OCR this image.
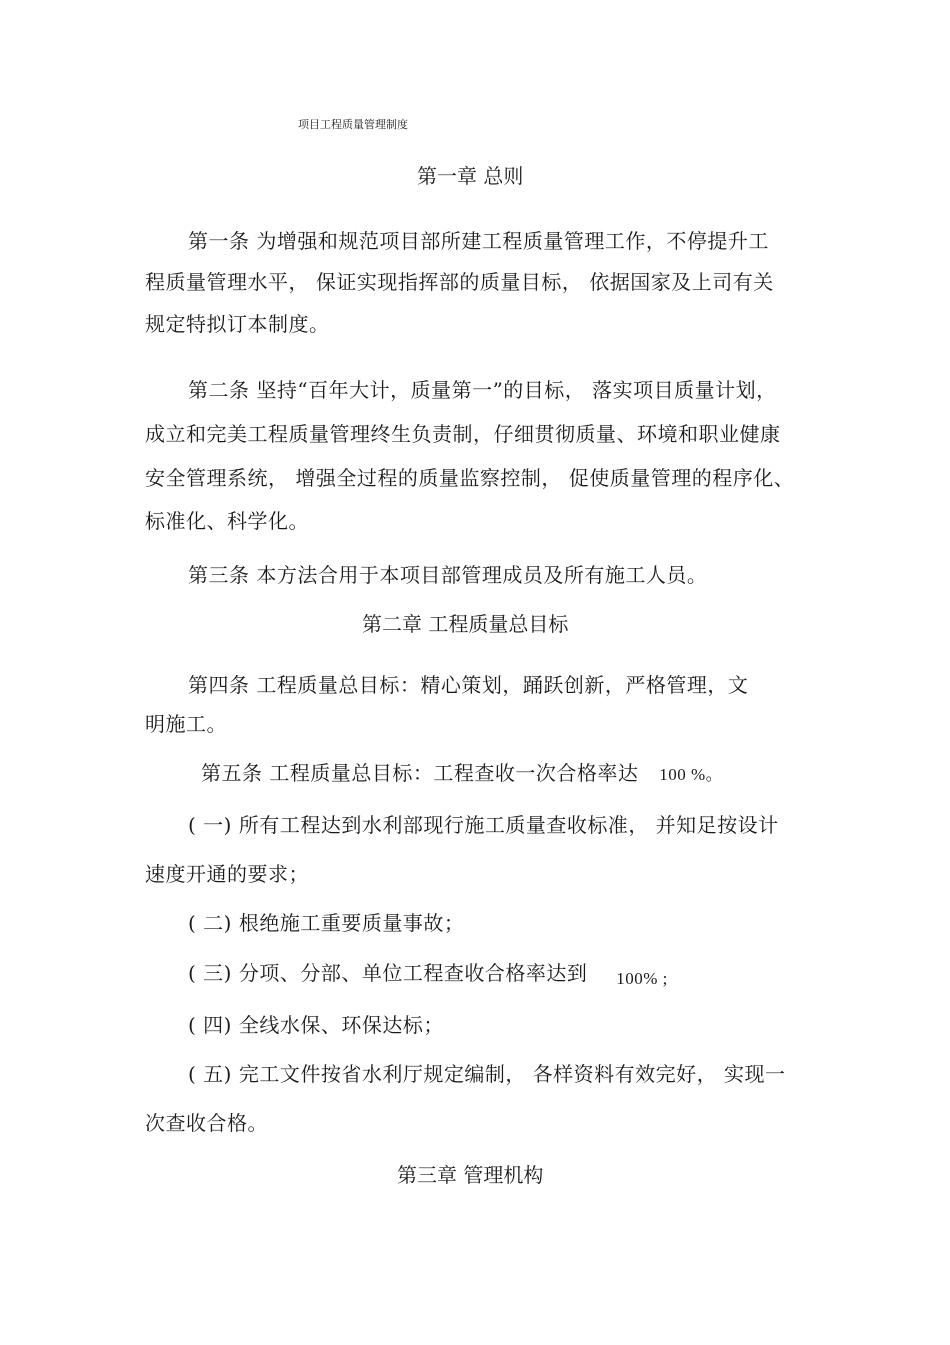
项目工程质量管理制度
第一章 总则
第一条 为增强和规范项目部所建工程质量管理工作，不停提升工
程质量管理水平， 保证实现指挥部的质量目标， 依据国家及上司有关
规定特拟订本制度。
第二条 坚持“百年大计，质量第一”的目标， 落实项目质量计划，
成立和完美工程质量管理终生负责制，仔细贯彻质量、环境和职业健康
安全管理系统， 增强全过程的质量监察控制， 促使质量管理的程序化、
标准化、科学化。
第三条 本方法合用于本项目部管理成员及所有施工人员。
第二章 工程质量总目标
第四条 工程质量总目标：精心策划，踊跃创新，严格管理，文
明施工。
第五条 工程质量总目标：工程查收一次合格率达 100 %。
( 一) 所有工程达到水利部现行施工质量查收标准， 并知足按设计
速度开通的要求；
( 二) 根绝施工重要质量事故；
( 三) 分项、分部、单位工程查收合格率达到 $_{100\% ;}$
( 四) 全线水保、环保达标；
( 五) 完工文件按省水利厅规定编制， 各样资料有效完好， 实现一
次查收合格。
第三章 管理机构
